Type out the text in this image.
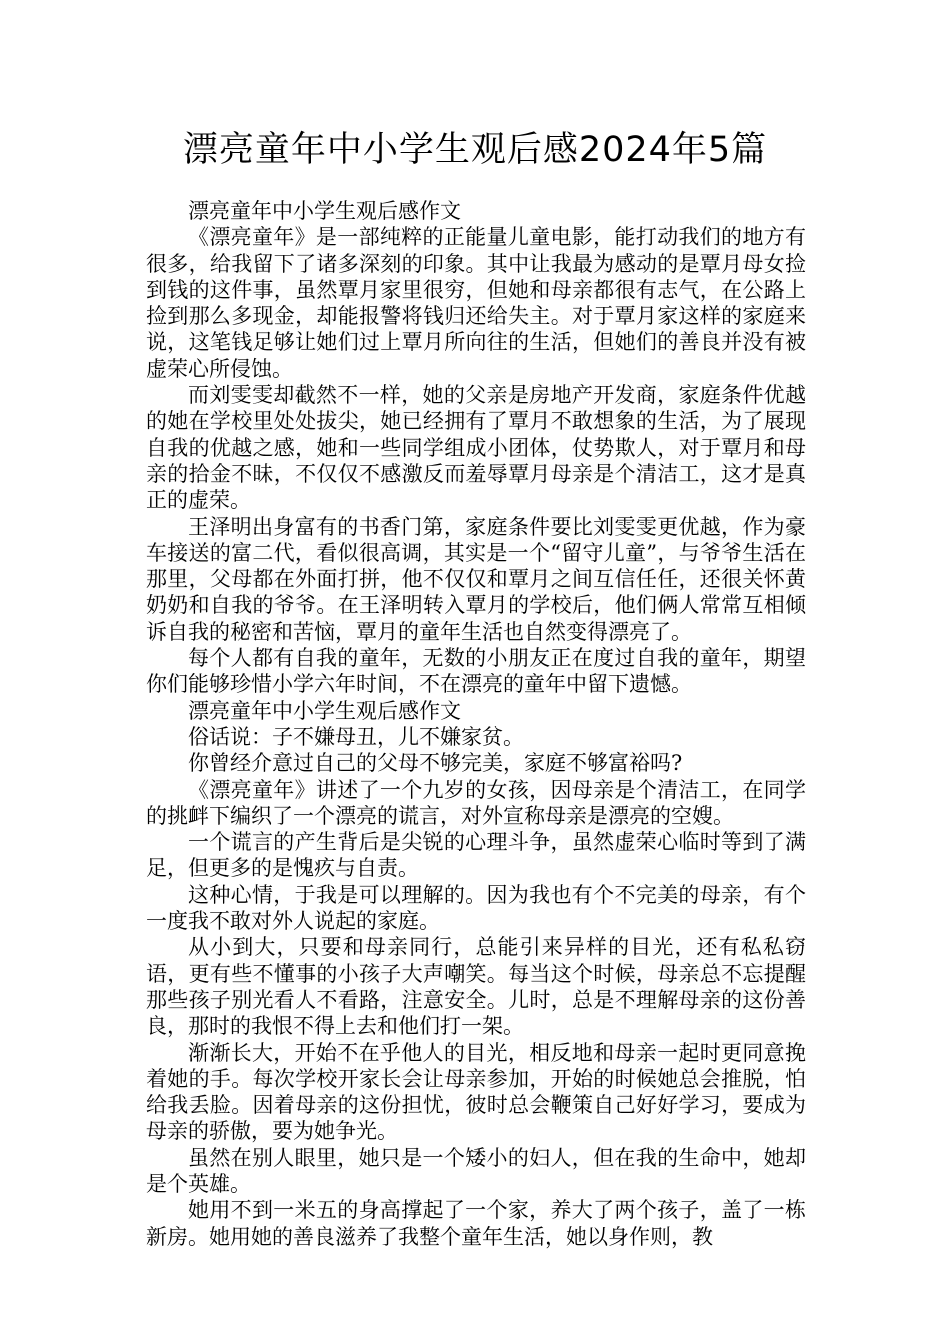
漂亮童年中小学生观后感2024年5篇

漂亮童年中小学生观后感作文

《漂亮童年》是一部纯粹的正能量儿童电影，能打动我们的地方有很多，给我留下了诸多深刻的印象。其中让我最为感动的是覃月母女捡到钱的这件事，虽然覃月家里很穷，但她和母亲都很有志气，在公路上捡到那么多现金，却能报警将钱归还给失主。对于覃月家这样的家庭来说，这笔钱足够让她们过上覃月所向往的生活，但她们的善良并没有被虚荣心所侵蚀。

而刘雯雯却截然不一样，她的父亲是房地产开发商，家庭条件优越的她在学校里处处拔尖，她已经拥有了覃月不敢想象的生活，为了展现自我的优越之感，她和一些同学组成小团体，仗势欺人，对于覃月和母亲的拾金不昧，不仅仅不感激反而羞辱覃月母亲是个清洁工，这才是真正的虚荣。

王泽明出身富有的书香门第，家庭条件要比刘雯雯更优越，作为豪车接送的富二代，看似很高调，其实是一个“留守儿童”，与爷爷生活在那里，父母都在外面打拼，他不仅仅和覃月之间互信任任，还很关怀黄奶奶和自我的爷爷。在王泽明转入覃月的学校后，他们俩人常常互相倾诉自我的秘密和苦恼，覃月的童年生活也自然变得漂亮了。

每个人都有自我的童年，无数的小朋友正在度过自我的童年，期望你们能够珍惜小学六年时间，不在漂亮的童年中留下遗憾。

漂亮童年中小学生观后感作文

俗话说：子不嫌母丑，儿不嫌家贫。

你曾经介意过自己的父母不够完美，家庭不够富裕吗?

《漂亮童年》讲述了一个九岁的女孩，因母亲是个清洁工，在同学的挑衅下编织了一个漂亮的谎言，对外宣称母亲是漂亮的空嫂。

一个谎言的产生背后是尖锐的心理斗争，虽然虚荣心临时等到了满足，但更多的是愧疚与自责。

这种心情，于我是可以理解的。因为我也有个不完美的母亲，有个一度我不敢对外人说起的家庭。

从小到大，只要和母亲同行，总能引来异样的目光，还有私私窃语，更有些不懂事的小孩子大声嘲笑。每当这个时候，母亲总不忘提醒那些孩子别光看人不看路，注意安全。儿时，总是不理解母亲的这份善良，那时的我恨不得上去和他们打一架。

渐渐长大，开始不在乎他人的目光，相反地和母亲一起时更同意挽着她的手。每次学校开家长会让母亲参加，开始的时候她总会推脱，怕给我丢脸。因着母亲的这份担忧，彼时总会鞭策自己好好学习，要成为母亲的骄傲，要为她争光。

虽然在别人眼里，她只是一个矮小的妇人，但在我的生命中，她却是个英雄。

她用不到一米五的身高撑起了一个家，养大了两个孩子，盖了一栋新房。她用她的善良滋养了我整个童年生活，她以身作则，教
